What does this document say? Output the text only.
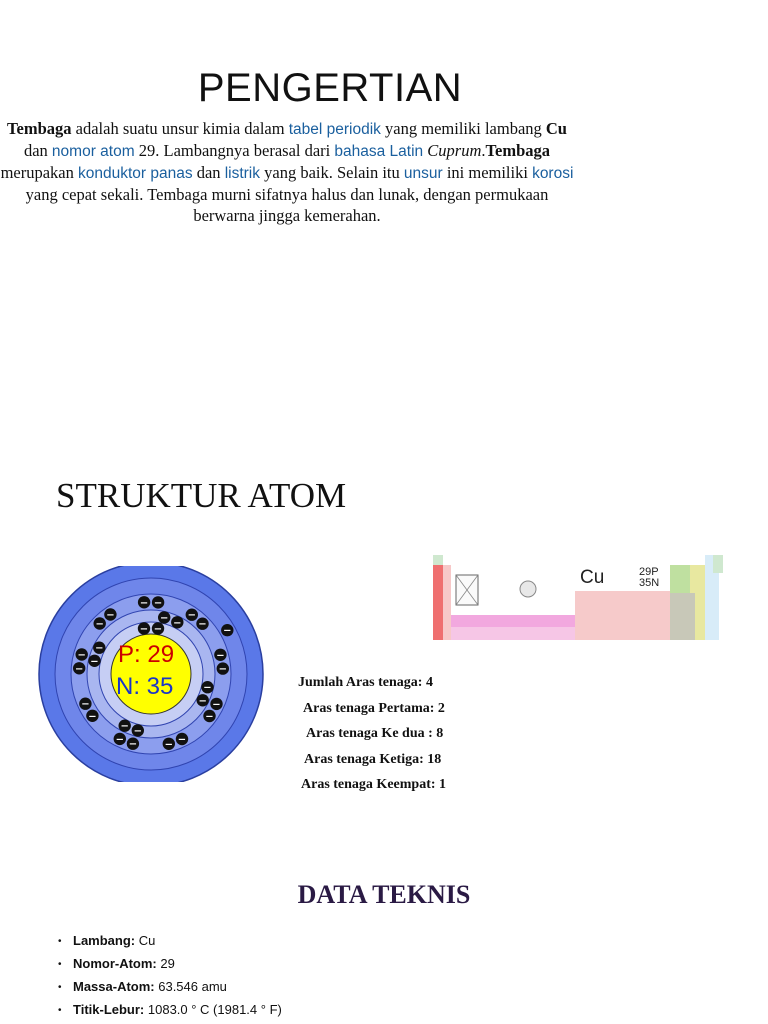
PENGERTIAN

Tembaga adalah suatu unsur kimia dalam tabel periodik yang memiliki lambang Cu dan nomor atom 29. Lambangnya berasal dari bahasa Latin Cuprum.Tembaga merupakan konduktor panas dan listrik yang baik. Selain itu unsur ini memiliki korosi yang cepat sekali. Tembaga murni sifatnya halus dan lunak, dengan permukaan berwarna jingga kemerahan.

STRUKTUR ATOM
P: 29
N: 35
− −
− −
−
−
−
−
−
−
−
−
−
−
−
−
−
−
−
−
−
−
−
−
−
−
− −
−
Cu	29P
35N
Jumlah Aras tenaga: 4
Aras tenaga Pertama: 2
Aras tenaga Ke dua : 8
Aras tenaga Ketiga: 18
Aras tenaga Keempat: 1
DATA TEKNIS
• Lambang: Cu
• Nomor-Atom: 29
• Massa-Atom: 63.546 amu
• Titik-Lebur: 1083.0 ° C (1981.4 ° F)
